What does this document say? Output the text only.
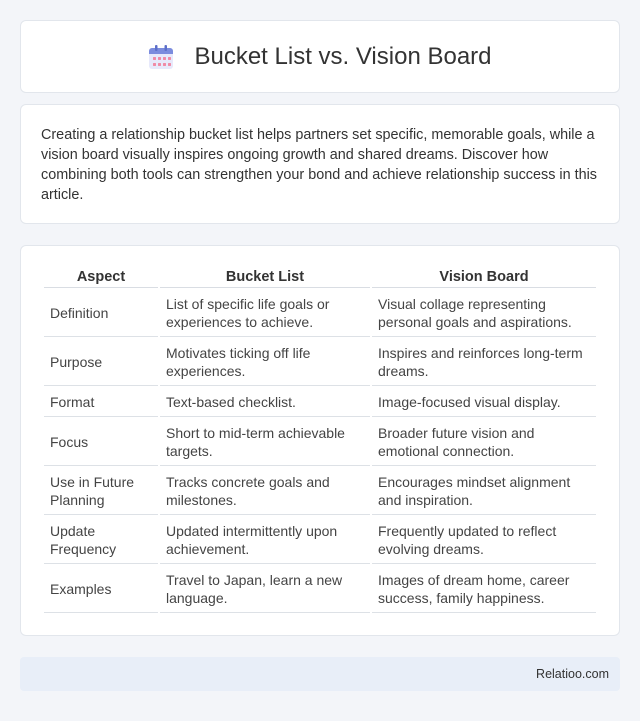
Bucket List vs. Vision Board

Creating a relationship bucket list helps partners set specific, memorable goals, while a vision board visually inspires ongoing growth and shared dreams. Discover how combining both tools can strengthen your bond and achieve relationship success in this article.

Aspect	Bucket List	Vision Board
Definition	List of specific life goals or experiences to achieve.	Visual collage representing personal goals and aspirations.
Purpose	Motivates ticking off life experiences.	Inspires and reinforces long-term dreams.
Format	Text-based checklist.	Image-focused visual display.
Focus	Short to mid-term achievable targets.	Broader future vision and emotional connection.
Use in Future Planning	Tracks concrete goals and milestones.	Encourages mindset alignment and inspiration.
Update Frequency	Updated intermittently upon achievement.	Frequently updated to reflect evolving dreams.
Examples	Travel to Japan, learn a new language.	Images of dream home, career success, family happiness.
Relatioo.com
